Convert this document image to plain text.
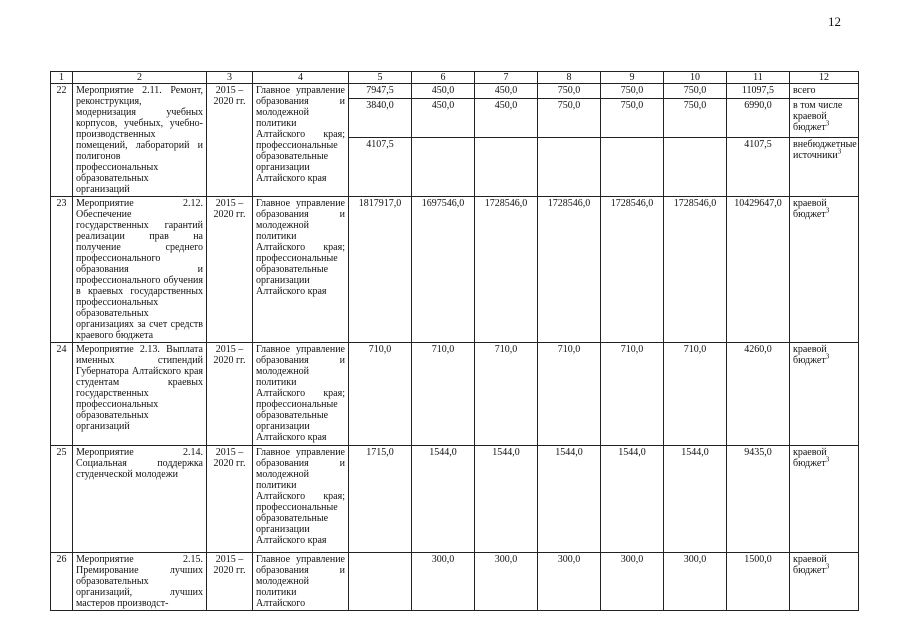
12
1	2	3	4	5	6	7	8	9	10	11	12
22	Мероприятие 2.11. Ремонт, реконструкция, модернизация учебных корпусов, учебных, учебно-производственных помещений, лабораторий и полигонов профессиональных образовательных организаций	2015 – 2020 гг.	Главное управление образования и молодежной политики Алтайского края; профессиональные образовательные организации Алтайского края	7947,5	450,0	450,0	750,0	750,0	750,0	11097,5	всего
				3840,0	450,0	450,0	750,0	750,0	750,0	6990,0	в том числе краевой бюджет$^3$
				4107,5						4107,5	внебюджетные источники$^3$
23	Мероприятие 2.12. Обеспечение государственных гарантий реализации прав на получение среднего профессионального образования и профессионального обучения в краевых государственных профессиональных образовательных организациях за счет средств краевого бюджета	2015 – 2020 гг.	Главное управление образования и молодежной политики Алтайского края; профессиональные образовательные организации Алтайского края	1817917,0	1697546,0	1728546,0	1728546,0	1728546,0	1728546,0	10429647,0	краевой бюджет$^3$
24	Мероприятие 2.13. Выплата именных стипендий Губернатора Алтайского края студентам краевых государственных профессиональных образовательных организаций	2015 – 2020 гг.	Главное управление образования и молодежной политики Алтайского края; профессиональные образовательные организации Алтайского края	710,0	710,0	710,0	710,0	710,0	710,0	4260,0	краевой бюджет$^3$
25	Мероприятие 2.14. Социальная поддержка студенческой молодежи	2015 – 2020 гг.	Главное управление образования и молодежной политики Алтайского края; профессиональные образовательные организации Алтайского края	1715,0	1544,0	1544,0	1544,0	1544,0	1544,0	9435,0	краевой бюджет$^3$
26	Мероприятие 2.15. Премирование лучших образовательных организаций, лучших мастеров производст-	2015 – 2020 гг.	Главное управление образования и молодежной политики Алтайского		300,0	300,0	300,0	300,0	300,0	1500,0	краевой бюджет$^3$
